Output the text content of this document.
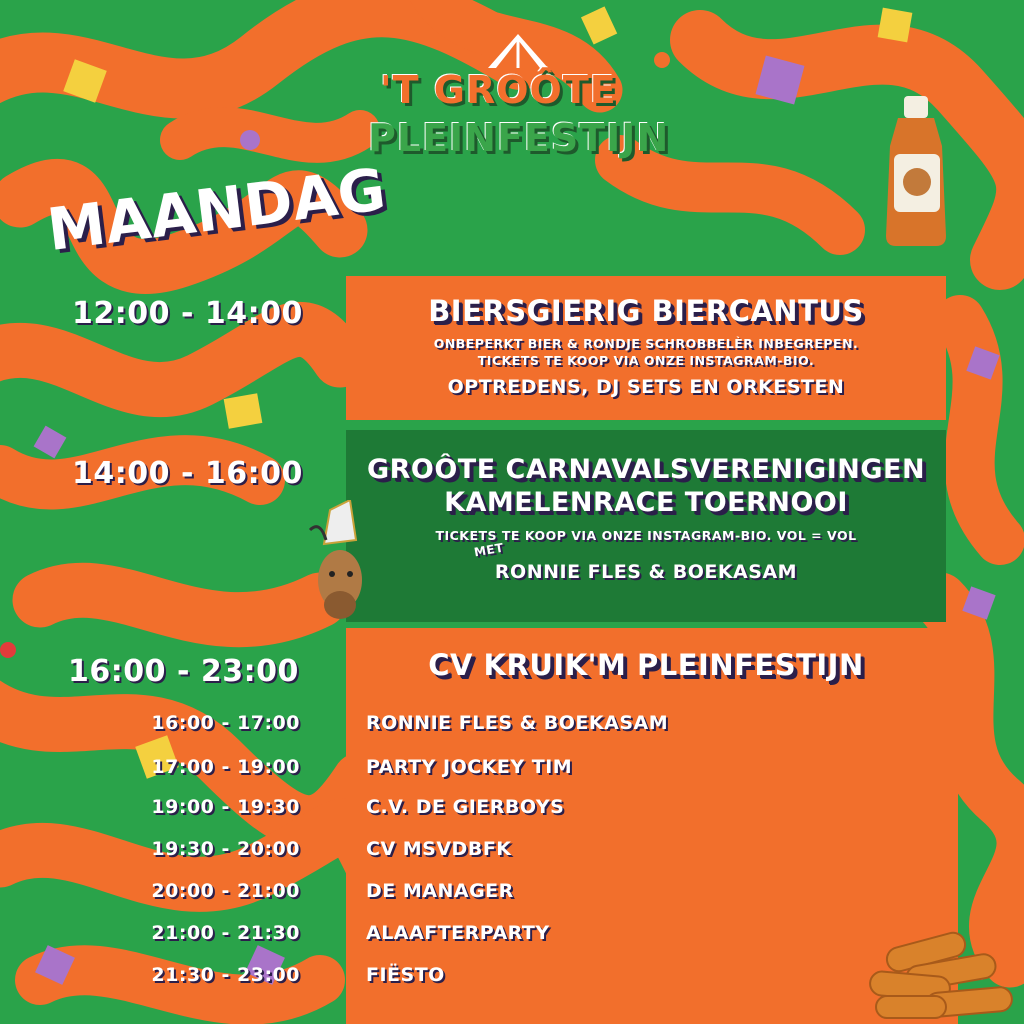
'T GROÔTE
PLEINFESTIJN
MAANDAG
12:00 - 14:00	BIERSGIERIG BIERCANTUS
ONBEPERKT BIER & RONDJE SCHROBBELÈR INBEGREPEN.
TICKETS TE KOOP VIA ONZE INSTAGRAM-BIO.
OPTREDENS, DJ SETS EN ORKESTEN
14:00 - 16:00	GROÔTE CARNAVALSVERENIGINGEN
KAMELENRACE TOERNOOI
TICKETS TE KOOP VIA ONZE INSTAGRAM-BIO. VOL = VOL
MET
RONNIE FLES & BOEKASAM
16:00 - 23:00	CV KRUIK'M PLEINFESTIJN
16:00 - 17:00	RONNIE FLES & BOEKASAM
17:00 - 19:00	PARTY JOCKEY TIM
19:00 - 19:30	C.V. DE GIERBOYS
19:30 - 20:00	CV MSVDBFK
20:00 - 21:00	DE MANAGER
21:00 - 21:30	ALAAFTERPARTY
21:30 - 23:00	FIËSTO
